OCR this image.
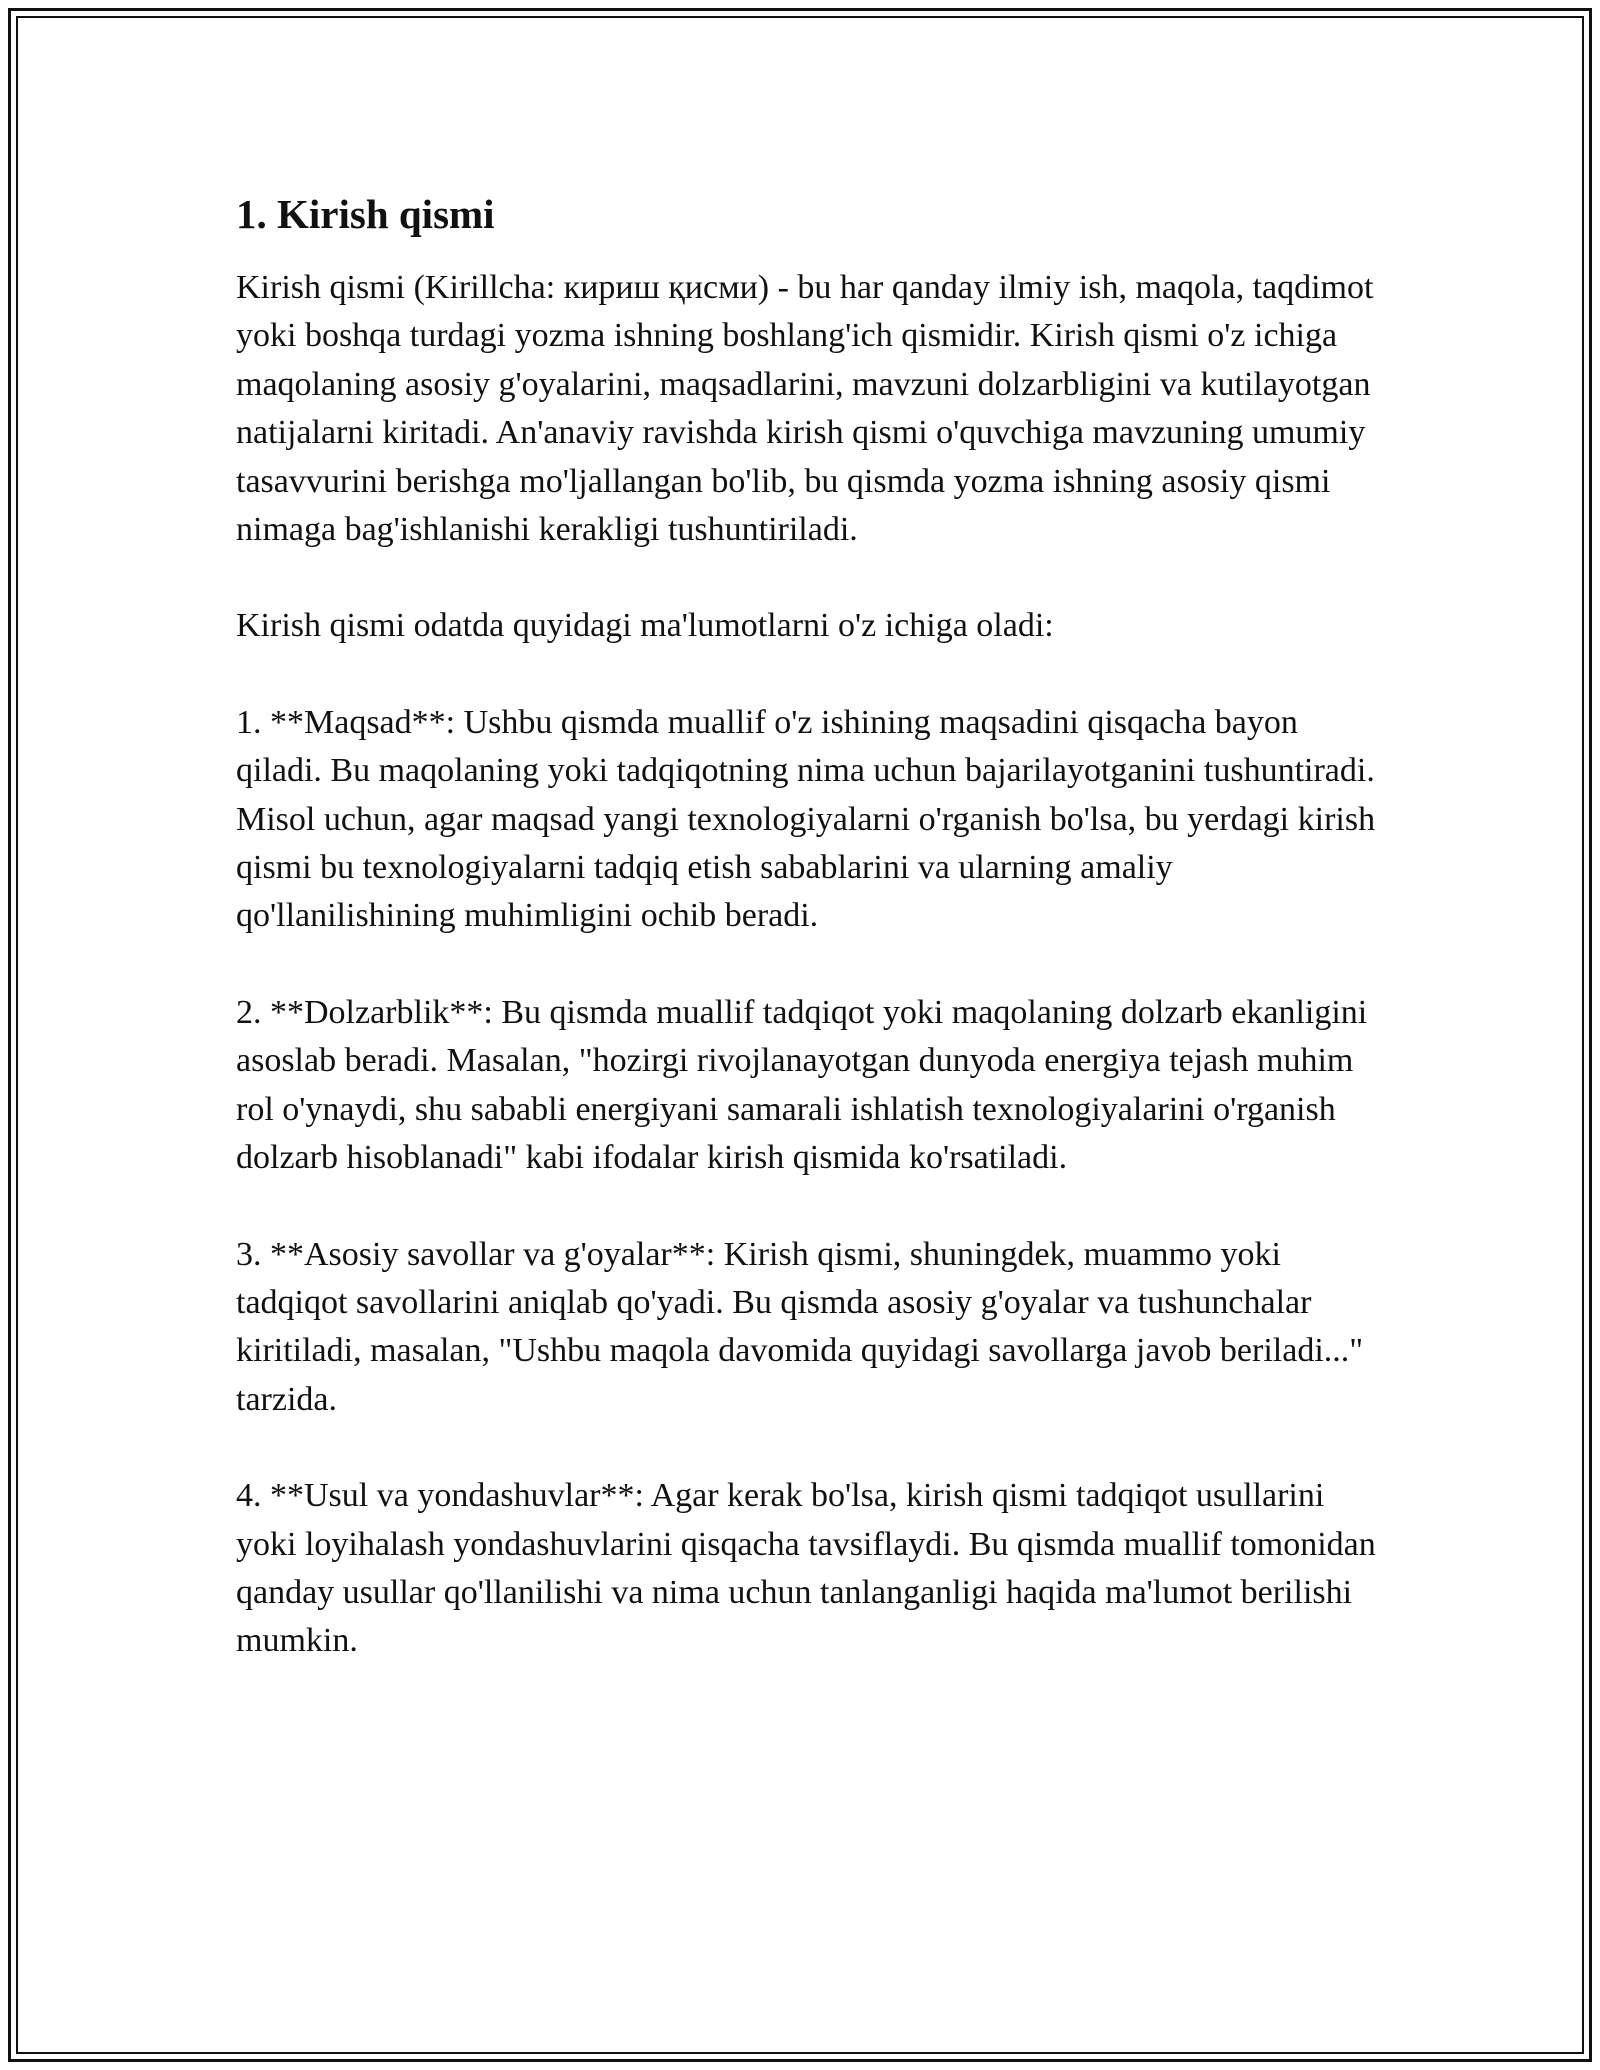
1. Kirish qismi

Kirish qismi (Kirillcha: кириш қисми) - bu har qanday ilmiy ish, maqola, taqdimot yoki boshqa turdagi yozma ishning boshlang'ich qismidir. Kirish qismi o'z ichiga maqolaning asosiy g'oyalarini, maqsadlarini, mavzuni dolzarbligini va kutilayotgan natijalarni kiritadi. An'anaviy ravishda kirish qismi o'quvchiga mavzuning umumiy tasavvurini berishga mo'ljallangan bo'lib, bu qismda yozma ishning asosiy qismi nimaga bag'ishlanishi kerakligi tushuntiriladi.

Kirish qismi odatda quyidagi ma'lumotlarni o'z ichiga oladi:

1. **Maqsad**: Ushbu qismda muallif o'z ishining maqsadini qisqacha bayon qiladi. Bu maqolaning yoki tadqiqotning nima uchun bajarilayotganini tushuntiradi. Misol uchun, agar maqsad yangi texnologiyalarni o'rganish bo'lsa, bu yerdagi kirish qismi bu texnologiyalarni tadqiq etish sabablarini va ularning amaliy qo'llanilishining muhimligini ochib beradi.

2. **Dolzarblik**: Bu qismda muallif tadqiqot yoki maqolaning dolzarb ekanligini asoslab beradi. Masalan, "hozirgi rivojlanayotgan dunyoda energiya tejash muhim rol o'ynaydi, shu sababli energiyani samarali ishlatish texnologiyalarini o'rganish dolzarb hisoblanadi" kabi ifodalar kirish qismida ko'rsatiladi.

3. **Asosiy savollar va g'oyalar**: Kirish qismi, shuningdek, muammo yoki tadqiqot savollarini aniqlab qo'yadi. Bu qismda asosiy g'oyalar va tushunchalar kiritiladi, masalan, "Ushbu maqola davomida quyidagi savollarga javob beriladi..." tarzida.

4. **Usul va yondashuvlar**: Agar kerak bo'lsa, kirish qismi tadqiqot usullarini yoki loyihalash yondashuvlarini qisqacha tavsiflaydi. Bu qismda muallif tomonidan qanday usullar qo'llanilishi va nima uchun tanlanganligi haqida ma'lumot berilishi mumkin.
